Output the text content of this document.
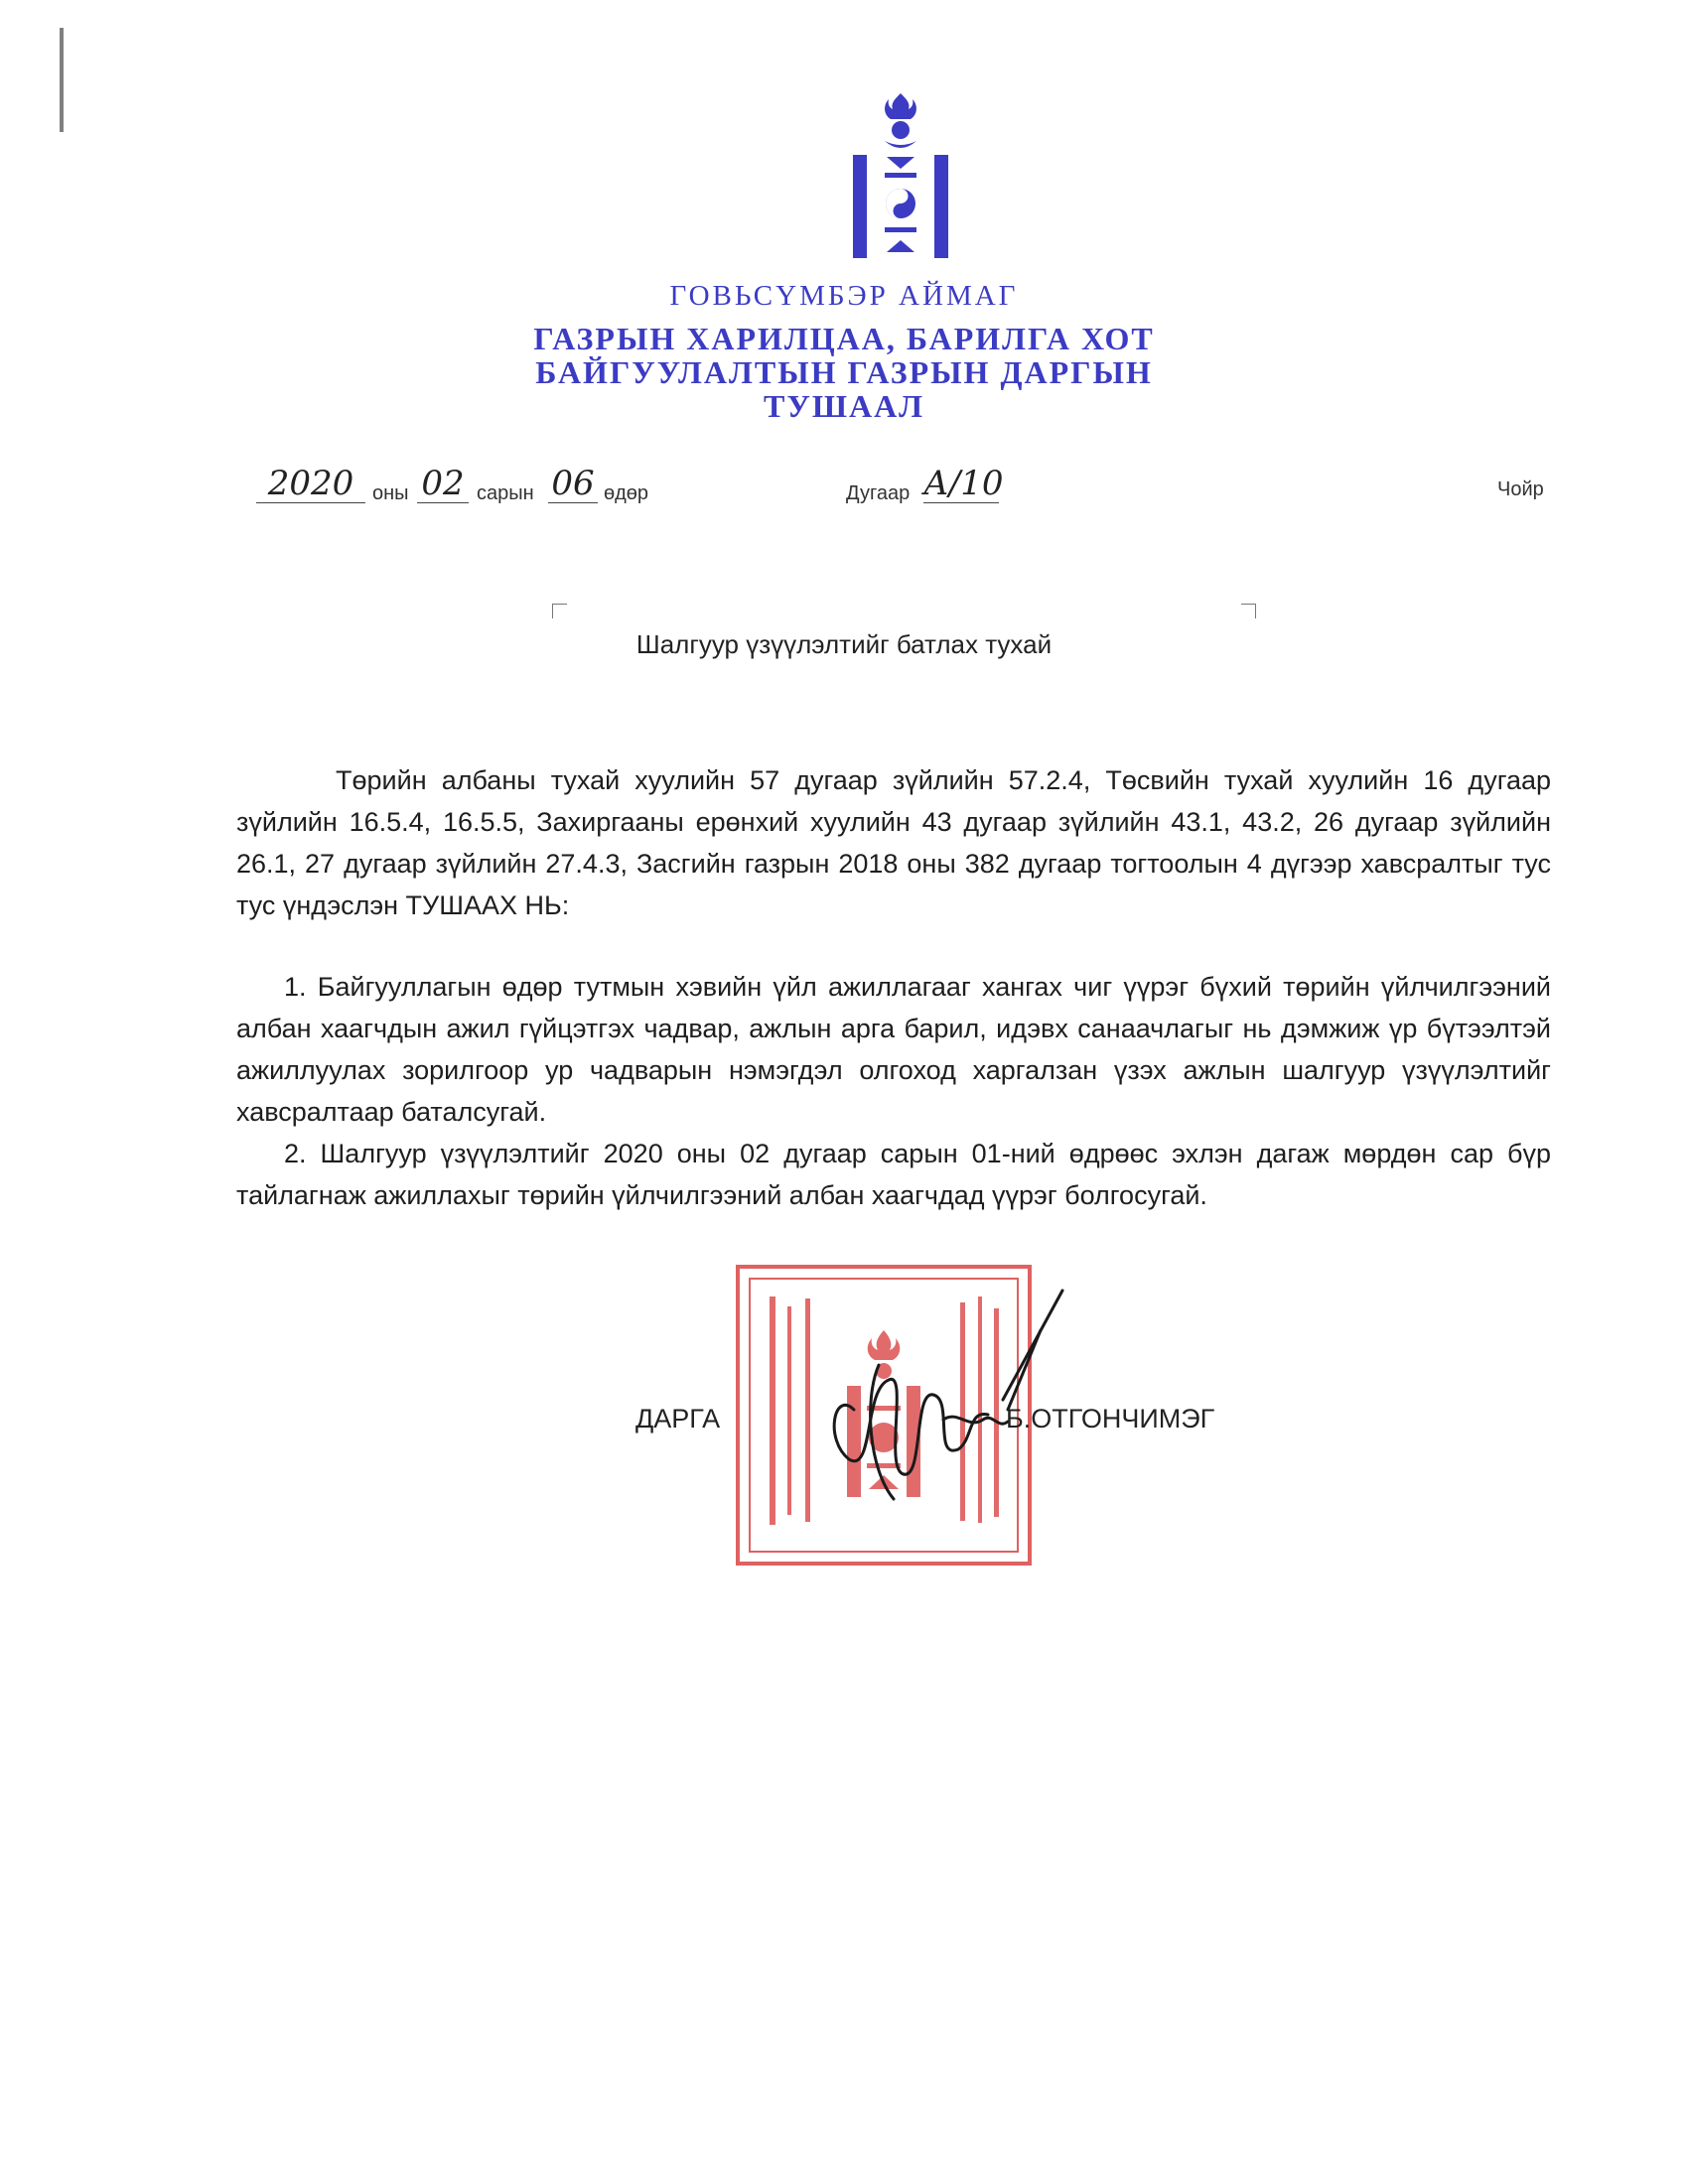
ГОВЬСҮМБЭР АЙМАГ
ГАЗРЫН ХАРИЛЦАА, БАРИЛГА ХОТ
БАЙГУУЛАЛТЫН ГАЗРЫН ДАРГЫН
ТУШААЛ
2020 оны 02 сарын 06 өдөр	Дугаар А/10	Чойр
Шалгуур үзүүлэлтийг батлах тухай

Төрийн албаны тухай хуулийн 57 дугаар зүйлийн 57.2.4, Төсвийн тухай хуулийн 16 дугаар зүйлийн 16.5.4, 16.5.5, Захиргааны ерөнхий хуулийн 43 дугаар зүйлийн 43.1, 43.2, 26 дугаар зүйлийн 26.1, 27 дугаар зүйлийн 27.4.3, Засгийн газрын 2018 оны 382 дугаар тогтоолын 4 дүгээр хавсралтыг тус тус үндэслэн ТУШААХ НЬ:

1. Байгууллагын өдөр тутмын хэвийн үйл ажиллагааг хангах чиг үүрэг бүхий төрийн үйлчилгээний албан хаагчдын ажил гүйцэтгэх чадвар, ажлын арга барил, идэвх санаачлагыг нь дэмжиж үр бүтээлтэй ажиллуулах зорилгоор ур чадварын нэмэгдэл олгоход харгалзан үзэх ажлын шалгуур үзүүлэлтийг хавсралтаар баталсугай.

2. Шалгуур үзүүлэлтийг 2020 оны 02 дугаар сарын 01-ний өдрөөс эхлэн дагаж мөрдөн сар бүр тайлагнаж ажиллахыг төрийн үйлчилгээний албан хаагчдад үүрэг болгосугай.

ДАРГА	Б.ОТГОНЧИМЭГ
